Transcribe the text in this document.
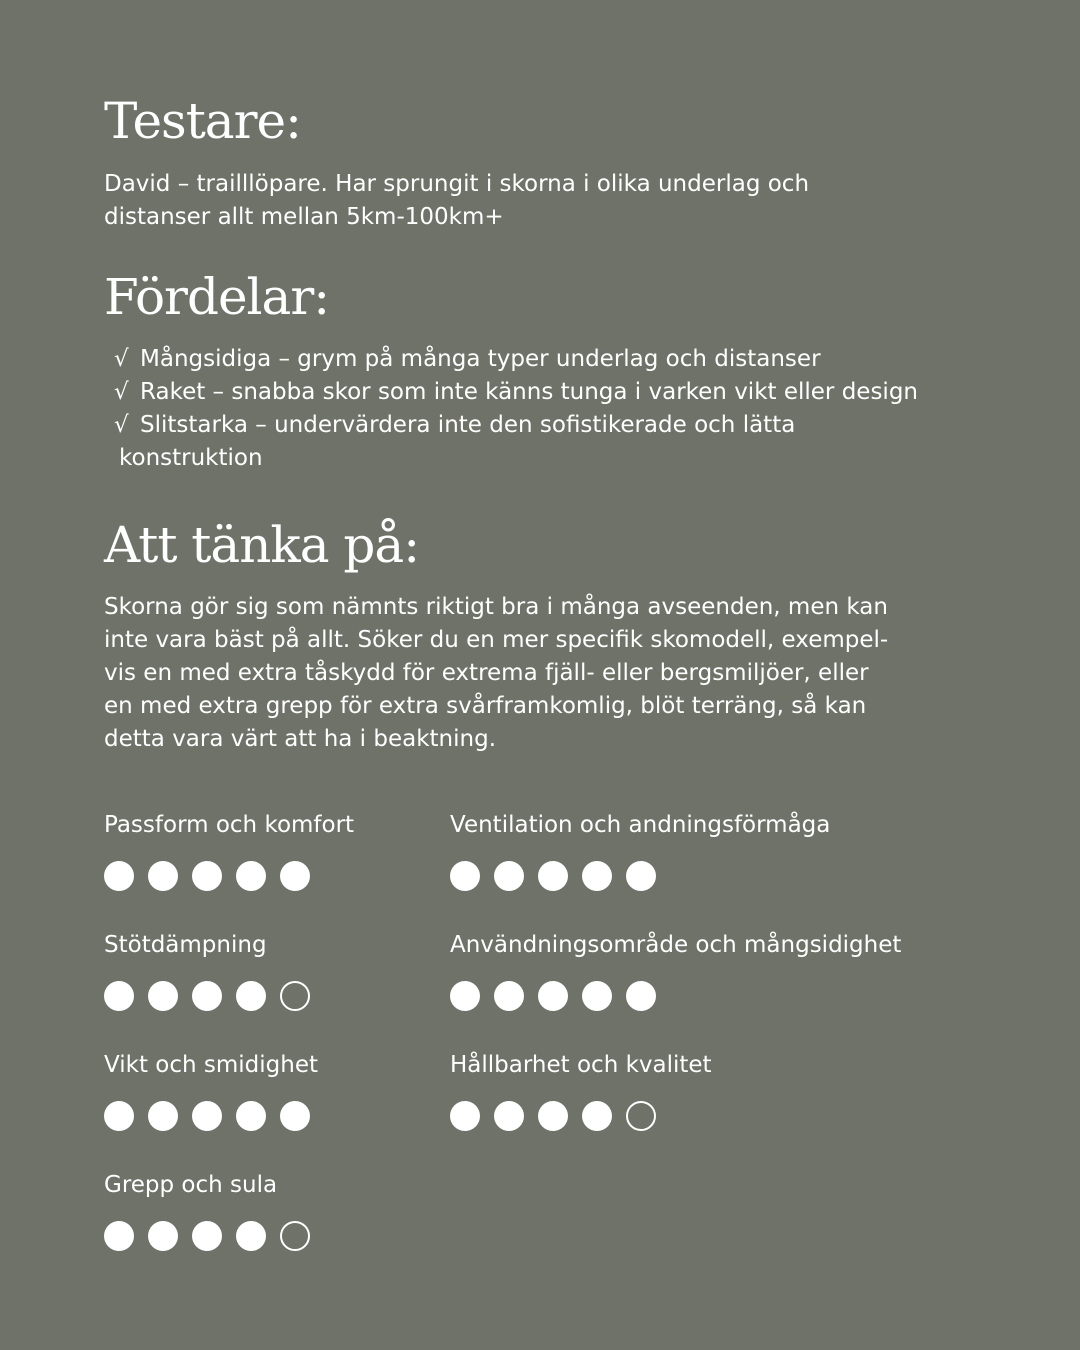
Testare:

David – trailllöpare. Har sprungit i skorna i olika underlag och
distanser allt mellan 5km-100km+

Fördelar:
√ Mångsidiga – grym på många typer underlag och distanser
√ Raket – snabba skor som inte känns tunga i varken vikt eller design
√ Slitstarka – undervärdera inte den sofistikerade och lätta
konstruktion
Att tänka på:

Skorna gör sig som nämnts riktigt bra i många avseenden, men kan
inte vara bäst på allt. Söker du en mer specifik skomodell, exempel-
vis en med extra tåskydd för extrema fjäll- eller bergsmiljöer, eller
en med extra grepp för extra svårframkomlig, blöt terräng, så kan
detta vara värt att ha i beaktning.

Passform och komfort	Ventilation och andningsförmåga
Stötdämpning	Användningsområde och mångsidighet
Vikt och smidighet	Hållbarhet och kvalitet
Grepp och sula
